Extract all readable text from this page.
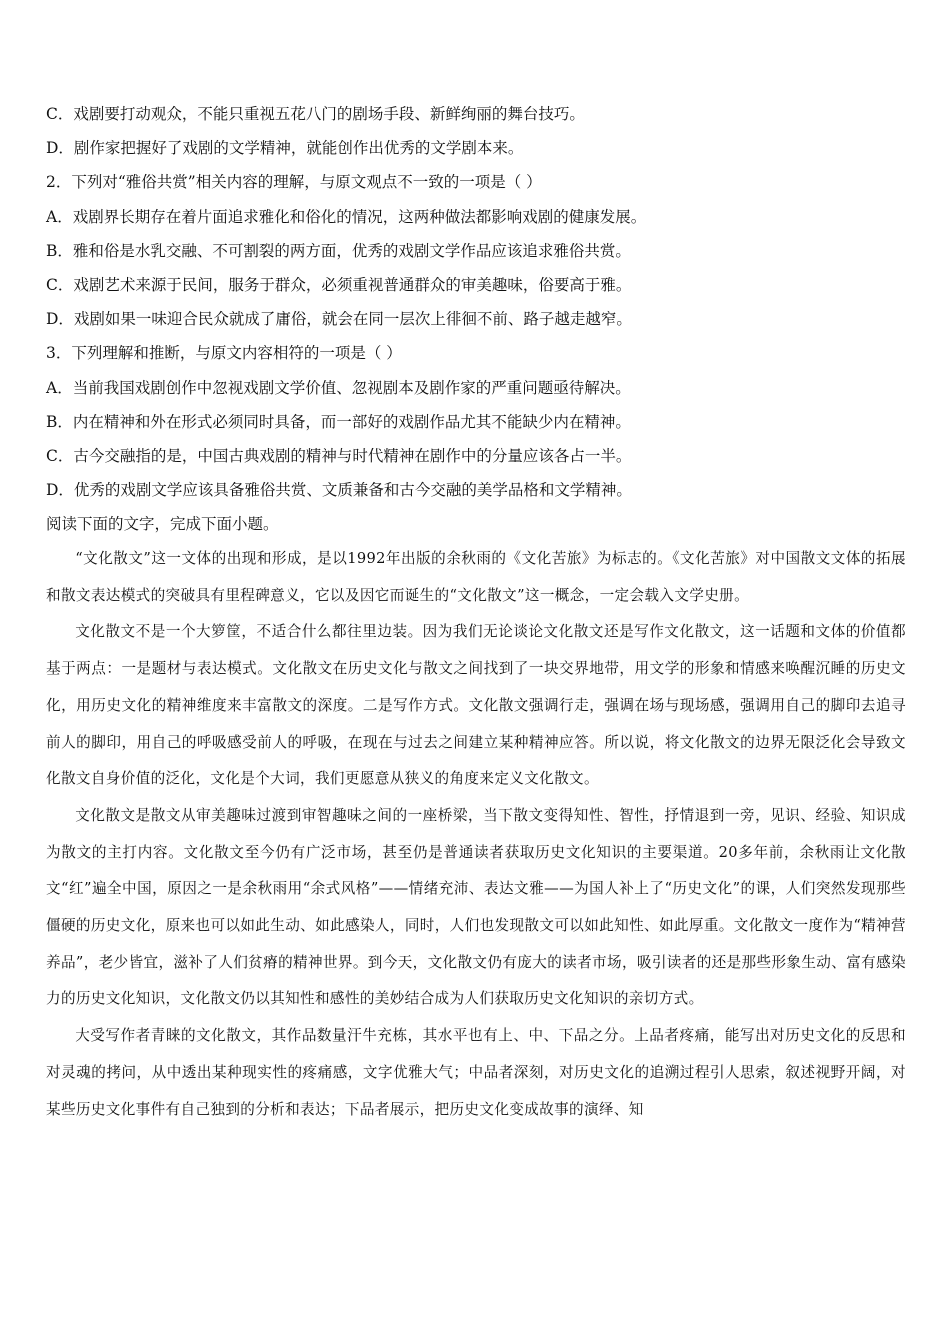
C．戏剧要打动观众，不能只重视五花八门的剧场手段、新鲜绚丽的舞台技巧。
D．剧作家把握好了戏剧的文学精神，就能创作出优秀的文学剧本来。
2．下列对“雅俗共赏”相关内容的理解，与原文观点不一致的一项是（ ）
A．戏剧界长期存在着片面追求雅化和俗化的情况，这两种做法都影响戏剧的健康发展。
B．雅和俗是水乳交融、不可割裂的两方面，优秀的戏剧文学作品应该追求雅俗共赏。
C．戏剧艺术来源于民间，服务于群众，必须重视普通群众的审美趣味，俗要高于雅。
D．戏剧如果一味迎合民众就成了庸俗，就会在同一层次上徘徊不前、路子越走越窄。
3．下列理解和推断，与原文内容相符的一项是（ ）
A．当前我国戏剧创作中忽视戏剧文学价值、忽视剧本及剧作家的严重问题亟待解决。
B．内在精神和外在形式必须同时具备，而一部好的戏剧作品尤其不能缺少内在精神。
C．古今交融指的是，中国古典戏剧的精神与时代精神在剧作中的分量应该各占一半。
D．优秀的戏剧文学应该具备雅俗共赏、文质兼备和古今交融的美学品格和文学精神。
阅读下面的文字，完成下面小题。

“文化散文”这一文体的出现和形成，是以1992年出版的余秋雨的《文化苦旅》为标志的。《文化苦旅》对中国散文文体的拓展和散文表达模式的突破具有里程碑意义，它以及因它而诞生的“文化散文”这一概念，一定会载入文学史册。

文化散文不是一个大箩筐，不适合什么都往里边装。因为我们无论谈论文化散文还是写作文化散文，这一话题和文体的价值都基于两点：一是题材与表达模式。文化散文在历史文化与散文之间找到了一块交界地带，用文学的形象和情感来唤醒沉睡的历史文化，用历史文化的精神维度来丰富散文的深度。二是写作方式。文化散文强调行走，强调在场与现场感，强调用自己的脚印去追寻前人的脚印，用自己的呼吸感受前人的呼吸，在现在与过去之间建立某种精神应答。所以说，将文化散文的边界无限泛化会导致文化散文自身价值的泛化，文化是个大词，我们更愿意从狭义的角度来定义文化散文。

文化散文是散文从审美趣味过渡到审智趣味之间的一座桥梁，当下散文变得知性、智性，抒情退到一旁，见识、经验、知识成为散文的主打内容。文化散文至今仍有广泛市场，甚至仍是普通读者获取历史文化知识的主要渠道。20多年前，余秋雨让文化散文“红”遍全中国，原因之一是余秋雨用“余式风格”——情绪充沛、表达文雅——为国人补上了“历史文化”的课，人们突然发现那些僵硬的历史文化，原来也可以如此生动、如此感染人，同时，人们也发现散文可以如此知性、如此厚重。文化散文一度作为“精神营养品”，老少皆宜，滋补了人们贫瘠的精神世界。到今天，文化散文仍有庞大的读者市场，吸引读者的还是那些形象生动、富有感染力的历史文化知识，文化散文仍以其知性和感性的美妙结合成为人们获取历史文化知识的亲切方式。

大受写作者青睐的文化散文，其作品数量汗牛充栋，其水平也有上、中、下品之分。上品者疼痛，能写出对历史文化的反思和对灵魂的拷问，从中透出某种现实性的疼痛感，文字优雅大气；中品者深刻，对历史文化的追溯过程引人思索，叙述视野开阔，对某些历史文化事件有自己独到的分析和表达；下品者展示，把历史文化变成故事的演绎、知
